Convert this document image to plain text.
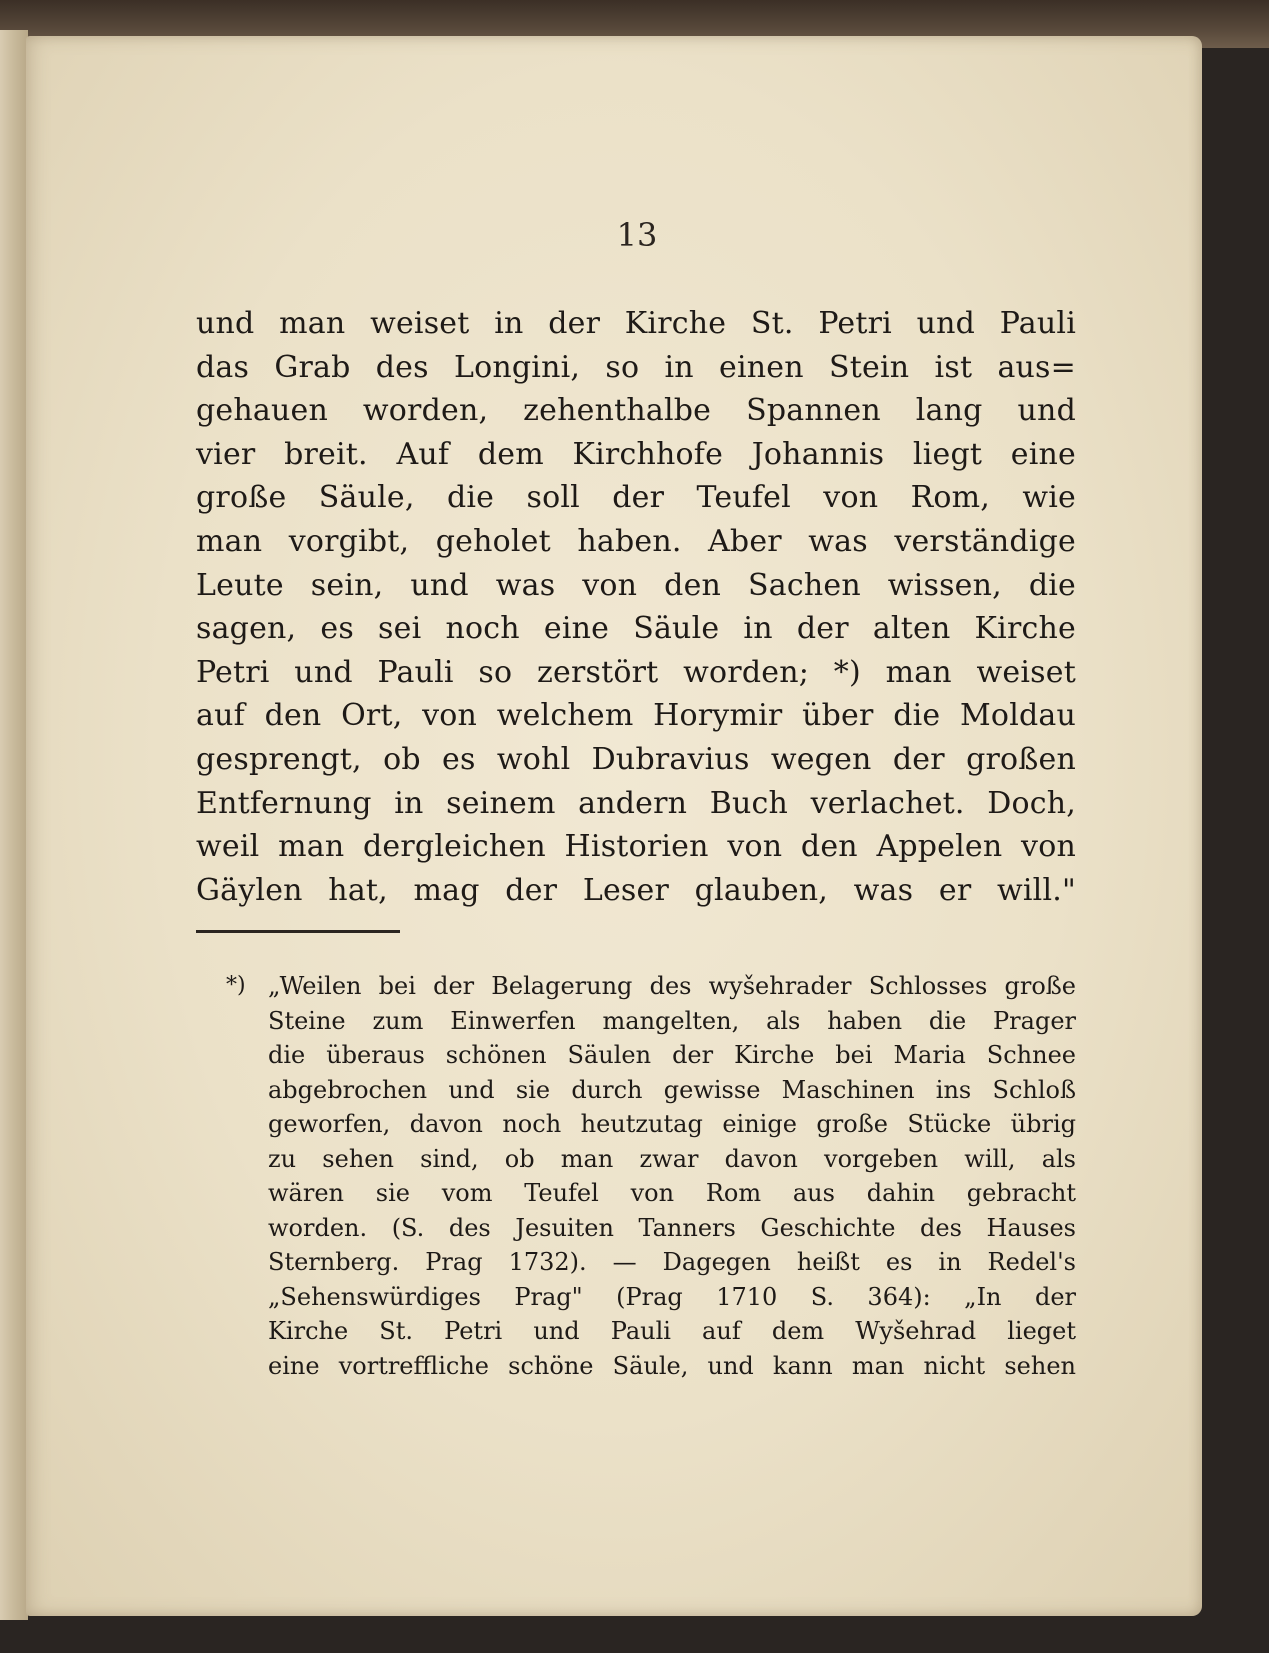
13
und man weiset in der Kirche St. Petri und Pauli
das Grab des Longini, so in einen Stein ist aus=
gehauen worden, zehenthalbe Spannen lang und
vier breit. Auf dem Kirchhofe Johannis liegt eine
große Säule, die soll der Teufel von Rom, wie
man vorgibt, geholet haben. Aber was verständige
Leute sein, und was von den Sachen wissen, die
sagen, es sei noch eine Säule in der alten Kirche
Petri und Pauli so zerstört worden; *) man weiset
auf den Ort, von welchem Horymir über die Moldau
gesprengt, ob es wohl Dubravius wegen der großen
Entfernung in seinem andern Buch verlachet. Doch,
weil man dergleichen Historien von den Appelen von
Gäylen hat, mag der Leser glauben, was er will."
*) „Weilen bei der Belagerung des wyšehrader Schlosses große
Steine zum Einwerfen mangelten, als haben die Prager
die überaus schönen Säulen der Kirche bei Maria Schnee
abgebrochen und sie durch gewisse Maschinen ins Schloß
geworfen, davon noch heutzutag einige große Stücke übrig
zu sehen sind, ob man zwar davon vorgeben will, als
wären sie vom Teufel von Rom aus dahin gebracht
worden. (S. des Jesuiten Tanners Geschichte des Hauses
Sternberg. Prag 1732). — Dagegen heißt es in Redel's
„Sehenswürdiges Prag" (Prag 1710 S. 364): „In der
Kirche St. Petri und Pauli auf dem Wyšehrad lieget
eine vortreffliche schöne Säule, und kann man nicht sehen
